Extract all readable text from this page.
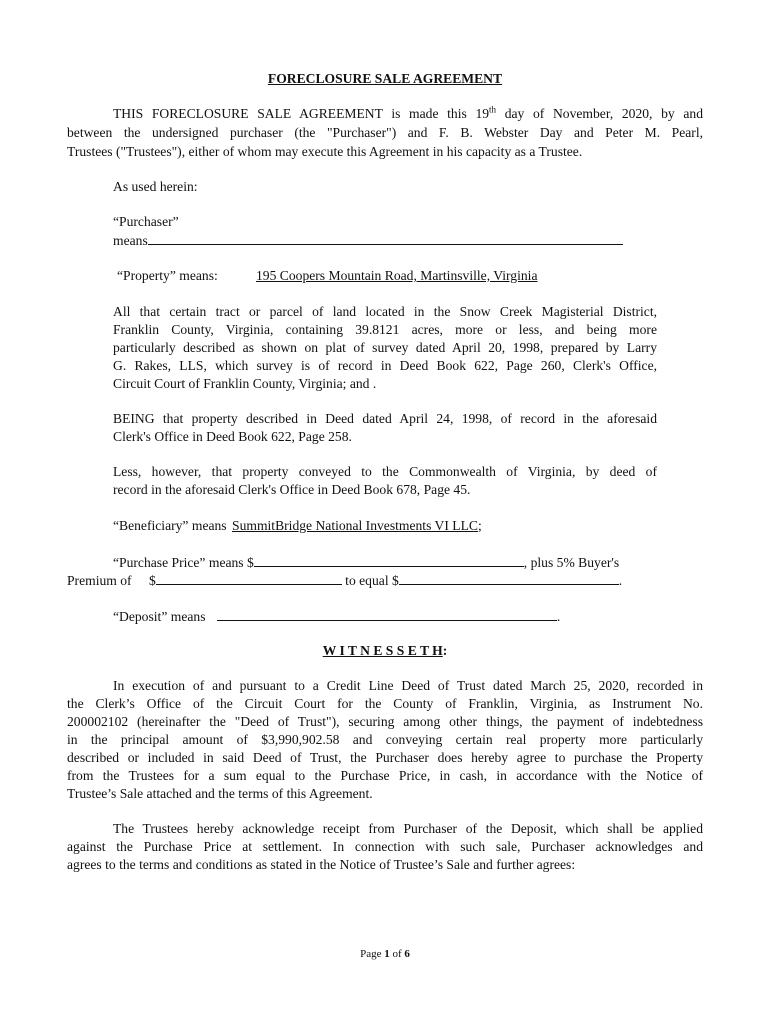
FORECLOSURE SALE AGREEMENT
THIS FORECLOSURE SALE AGREEMENT is made this 19th day of November, 2020, by and
between the undersigned purchaser (the "Purchaser") and F. B. Webster Day and Peter M. Pearl,
Trustees ("Trustees"), either of whom may execute this Agreement in his capacity as a Trustee.
As used herein:
“Purchaser”
means
“Property” means:	195 Coopers Mountain Road, Martinsville, Virginia
All that certain tract or parcel of land located in the Snow Creek Magisterial District,
Franklin County, Virginia, containing 39.8121 acres, more or less, and being more
particularly described as shown on plat of survey dated April 20, 1998, prepared by Larry
G. Rakes, LLS, which survey is of record in Deed Book 622, Page 260, Clerk's Office,
Circuit Court of Franklin County, Virginia; and .
BEING that property described in Deed dated April 24, 1998, of record in the aforesaid
Clerk's Office in Deed Book 622, Page 258.
Less, however, that property conveyed to the Commonwealth of Virginia, by deed of
record in the aforesaid Clerk's Office in Deed Book 678, Page 45.
“Beneficiary” means SummitBridge National Investments VI LLC;
“Purchase Price” means $	, plus 5% Buyer's
Premium of $	to equal $	.
“Deposit” means	.
W I T N E S S E T H:
In execution of and pursuant to a Credit Line Deed of Trust dated March 25, 2020, recorded in
the Clerk’s Office of the Circuit Court for the County of Franklin, Virginia, as Instrument No.
200002102 (hereinafter the "Deed of Trust"), securing among other things, the payment of indebtedness
in the principal amount of $3,990,902.58 and conveying certain real property more particularly
described or included in said Deed of Trust, the Purchaser does hereby agree to purchase the Property
from the Trustees for a sum equal to the Purchase Price, in cash, in accordance with the Notice of
Trustee’s Sale attached and the terms of this Agreement.
The Trustees hereby acknowledge receipt from Purchaser of the Deposit, which shall be applied
against the Purchase Price at settlement. In connection with such sale, Purchaser acknowledges and
agrees to the terms and conditions as stated in the Notice of Trustee’s Sale and further agrees:
Page 1 of 6
